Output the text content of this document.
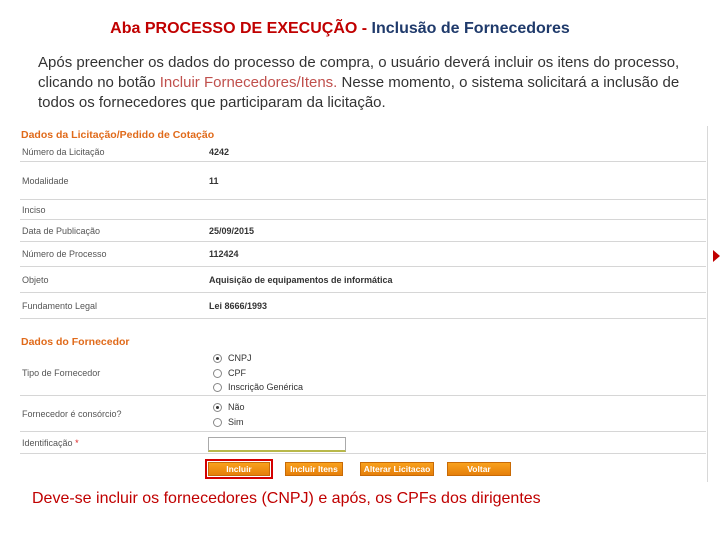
Aba PROCESSO DE EXECUÇÃO - Inclusão de Fornecedores
Após preencher os dados do processo de compra, o usuário deverá incluir os itens do processo, clicando no botão Incluir Fornecedores/Itens. Nesse momento, o sistema solicitará a inclusão de todos os fornecedores que participaram da licitação.
Dados da Licitação/Pedido de Cotação
Número da Licitação	4242
Modalidade	11
Inciso
Data de Publicação	25/09/2015
Número de Processo	112424
Objeto	Aquisição de equipamentos de informática
Fundamento Legal	Lei 8666/1993
Dados do Fornecedor
Tipo de Fornecedor
CNPJ
CPF
Inscrição Genérica
Fornecedor é consórcio?
Não
Sim
Identificação *
Incluir	Incluir Itens	Alterar Licitacao	Voltar
Deve-se incluir os fornecedores (CNPJ) e após, os CPFs dos dirigentes
